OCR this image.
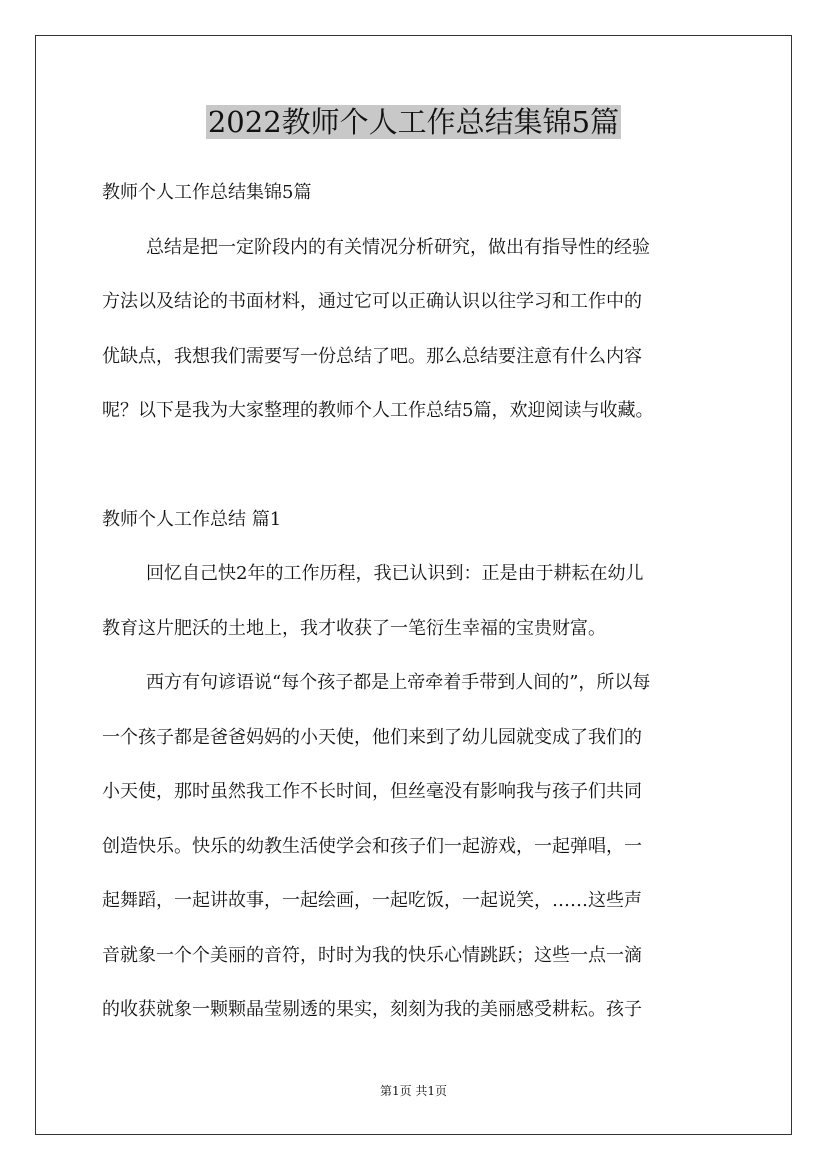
2022教师个人工作总结集锦5篇

教师个人工作总结集锦5篇

总结是把一定阶段内的有关情况分析研究，做出有指导性的经验

方法以及结论的书面材料，通过它可以正确认识以往学习和工作中的

优缺点，我想我们需要写一份总结了吧。那么总结要注意有什么内容

呢？以下是我为大家整理的教师个人工作总结5篇，欢迎阅读与收藏。

教师个人工作总结 篇1

回忆自己快2年的工作历程，我已认识到：正是由于耕耘在幼儿

教育这片肥沃的土地上，我才收获了一笔衍生幸福的宝贵财富。

西方有句谚语说“每个孩子都是上帝牵着手带到人间的”，所以每

一个孩子都是爸爸妈妈的小天使，他们来到了幼儿园就变成了我们的

小天使，那时虽然我工作不长时间，但丝毫没有影响我与孩子们共同

创造快乐。快乐的幼教生活使学会和孩子们一起游戏，一起弹唱，一

起舞蹈，一起讲故事，一起绘画，一起吃饭，一起说笑，……这些声

音就象一个个美丽的音符，时时为我的快乐心情跳跃；这些一点一滴

的收获就象一颗颗晶莹剔透的果实，刻刻为我的美丽感受耕耘。孩子

第1页 共1页
